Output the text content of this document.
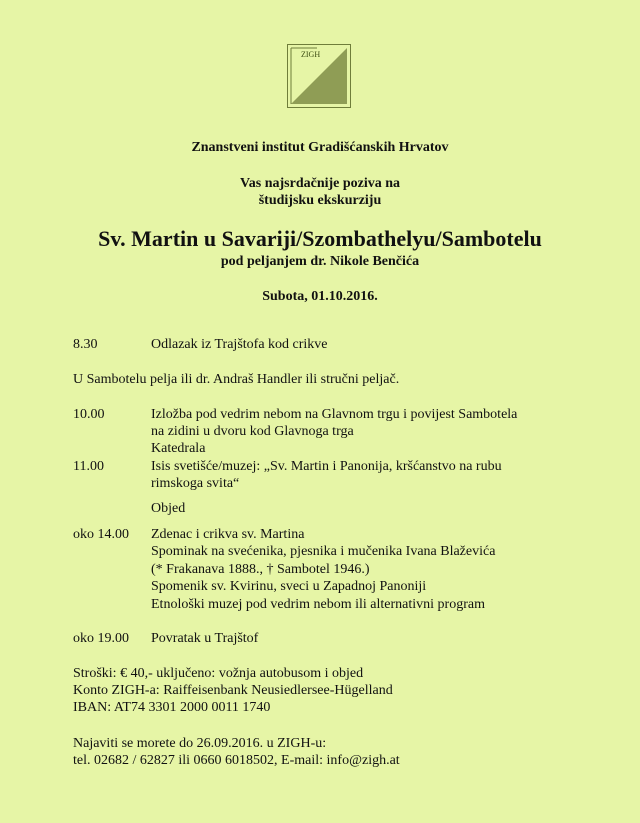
ZIGH
Znanstveni institut Gradišćanskih Hrvatov
Vas najsrdačnije poziva na
študijsku ekskurziju
Sv. Martin u Savariji/Szombathelyu/Sambotelu
pod peljanjem dr. Nikole Benčića
Subota, 01.10.2016.
8.30	Odlazak iz Trajštofa kod crikve
U Sambotelu pelja ili dr. Andraš Handler ili stručni peljač.
10.00	Izložba pod vedrim nebom na Glavnom trgu i povijest Sambotela
na zidini u dvoru kod Glavnoga trga
Katedrala
11.00	Isis svetišće/muzej: „Sv. Martin i Panonija, kršćanstvo na rubu
rimskoga svita“
Objed
oko 14.00 Zdenac i crikva sv. Martina
Spominak na svećenika, pjesnika i mučenika Ivana Blaževića
(* Frakanava 1888., † Sambotel 1946.)
Spomenik sv. Kvirinu, sveci u Zapadnoj Panoniji
Etnološki muzej pod vedrim nebom ili alternativni program
oko 19.00 Povratak u Trajštof
Stroški: € 40,- uključeno: vožnja autobusom i objed
Konto ZIGH-a: Raiffeisenbank Neusiedlersee-Hügelland
IBAN: AT74 3301 2000 0011 1740
Najaviti se morete do 26.09.2016. u ZIGH-u:
tel. 02682 / 62827 ili 0660 6018502, E-mail: info@zigh.at
